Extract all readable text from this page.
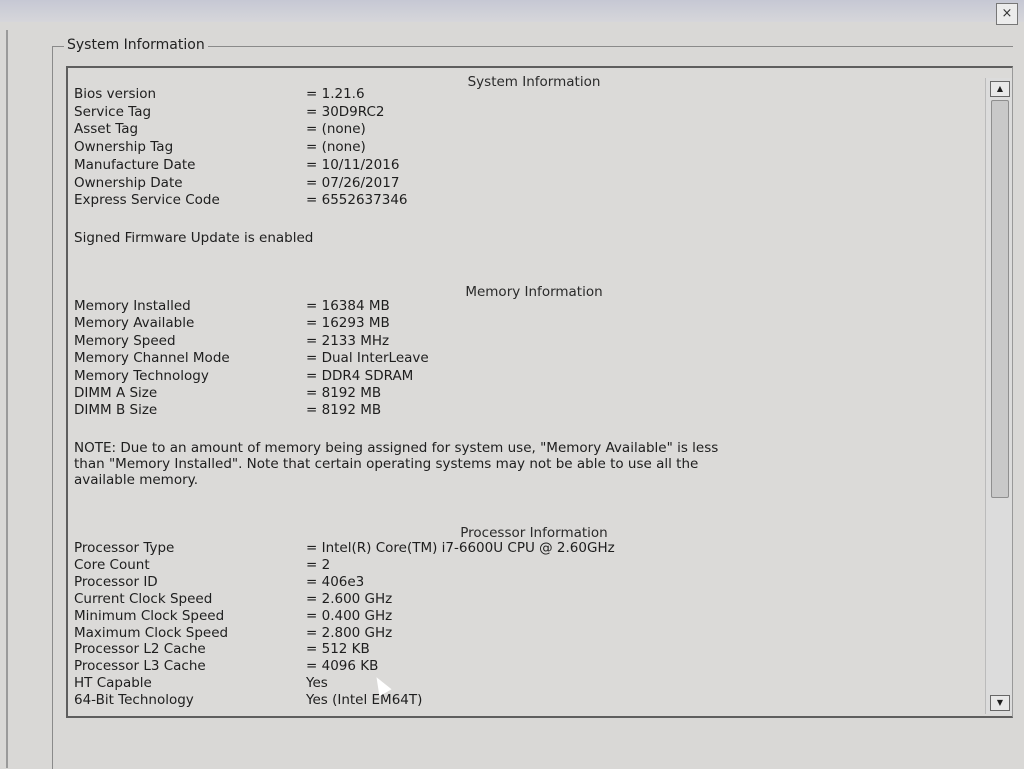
×
System Information
System Information
Bios version	= 1.21.6
Service Tag	= 30D9RC2
Asset Tag	= (none)
Ownership Tag	= (none)
Manufacture Date	= 10/11/2016
Ownership Date	= 07/26/2017
Express Service Code	= 6552637346
Signed Firmware Update is enabled
Memory Information
Memory Installed	= 16384 MB
Memory Available	= 16293 MB
Memory Speed	= 2133 MHz
Memory Channel Mode	= Dual InterLeave
Memory Technology	= DDR4 SDRAM
DIMM A Size	= 8192 MB
DIMM B Size	= 8192 MB
NOTE: Due to an amount of memory being assigned for system use, "Memory Available" is less
than "Memory Installed". Note that certain operating systems may not be able to use all the
available memory.
Processor Information
Processor Type	= Intel(R) Core(TM) i7-6600U CPU @ 2.60GHz
Core Count	= 2
Processor ID	= 406e3
Current Clock Speed	= 2.600 GHz
Minimum Clock Speed	= 0.400 GHz
Maximum Clock Speed	= 2.800 GHz
Processor L2 Cache	= 512 KB
Processor L3 Cache	= 4096 KB
HT Capable	Yes
64-Bit Technology	Yes (Intel EM64T)
▲
▼
